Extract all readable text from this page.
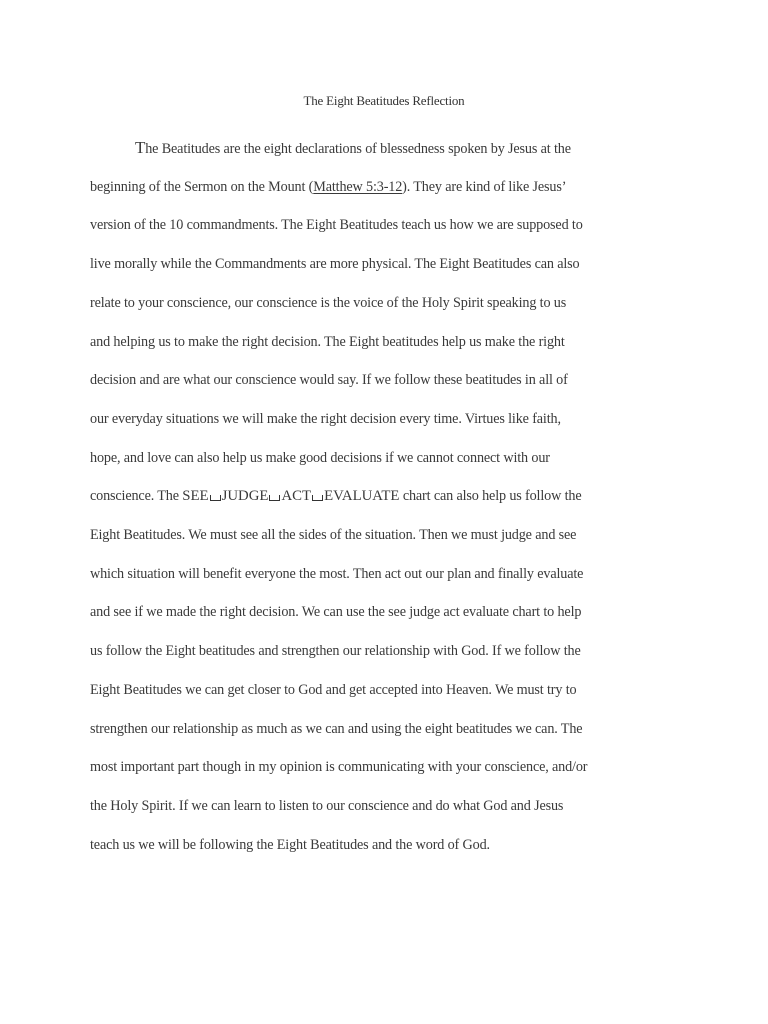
The Eight Beatitudes Reflection
The Beatitudes are the eight declarations of blessedness spoken by Jesus at the
beginning of the Sermon on the Mount (Matthew 5:3-12). They are kind of like Jesus’
version of the 10 commandments. The Eight Beatitudes teach us how we are supposed to
live morally while the Commandments are more physical. The Eight Beatitudes can also
relate to your conscience, our conscience is the voice of the Holy Spirit speaking to us
and helping us to make the right decision. The Eight beatitudes help us make the right
decision and are what our conscience would say. If we follow these beatitudes in all of
our everyday situations we will make the right decision every time. Virtues like faith,
hope, and love can also help us make good decisions if we cannot connect with our
conscience. The SEE JUDGE ACT EVALUATE chart can also help us follow the
Eight Beatitudes. We must see all the sides of the situation. Then we must judge and see
which situation will benefit everyone the most. Then act out our plan and finally evaluate
and see if we made the right decision. We can use the see judge act evaluate chart to help
us follow the Eight beatitudes and strengthen our relationship with God. If we follow the
Eight Beatitudes we can get closer to God and get accepted into Heaven. We must try to
strengthen our relationship as much as we can and using the eight beatitudes we can. The
most important part though in my opinion is communicating with your conscience, and/or
the Holy Spirit. If we can learn to listen to our conscience and do what God and Jesus
teach us we will be following the Eight Beatitudes and the word of God.
